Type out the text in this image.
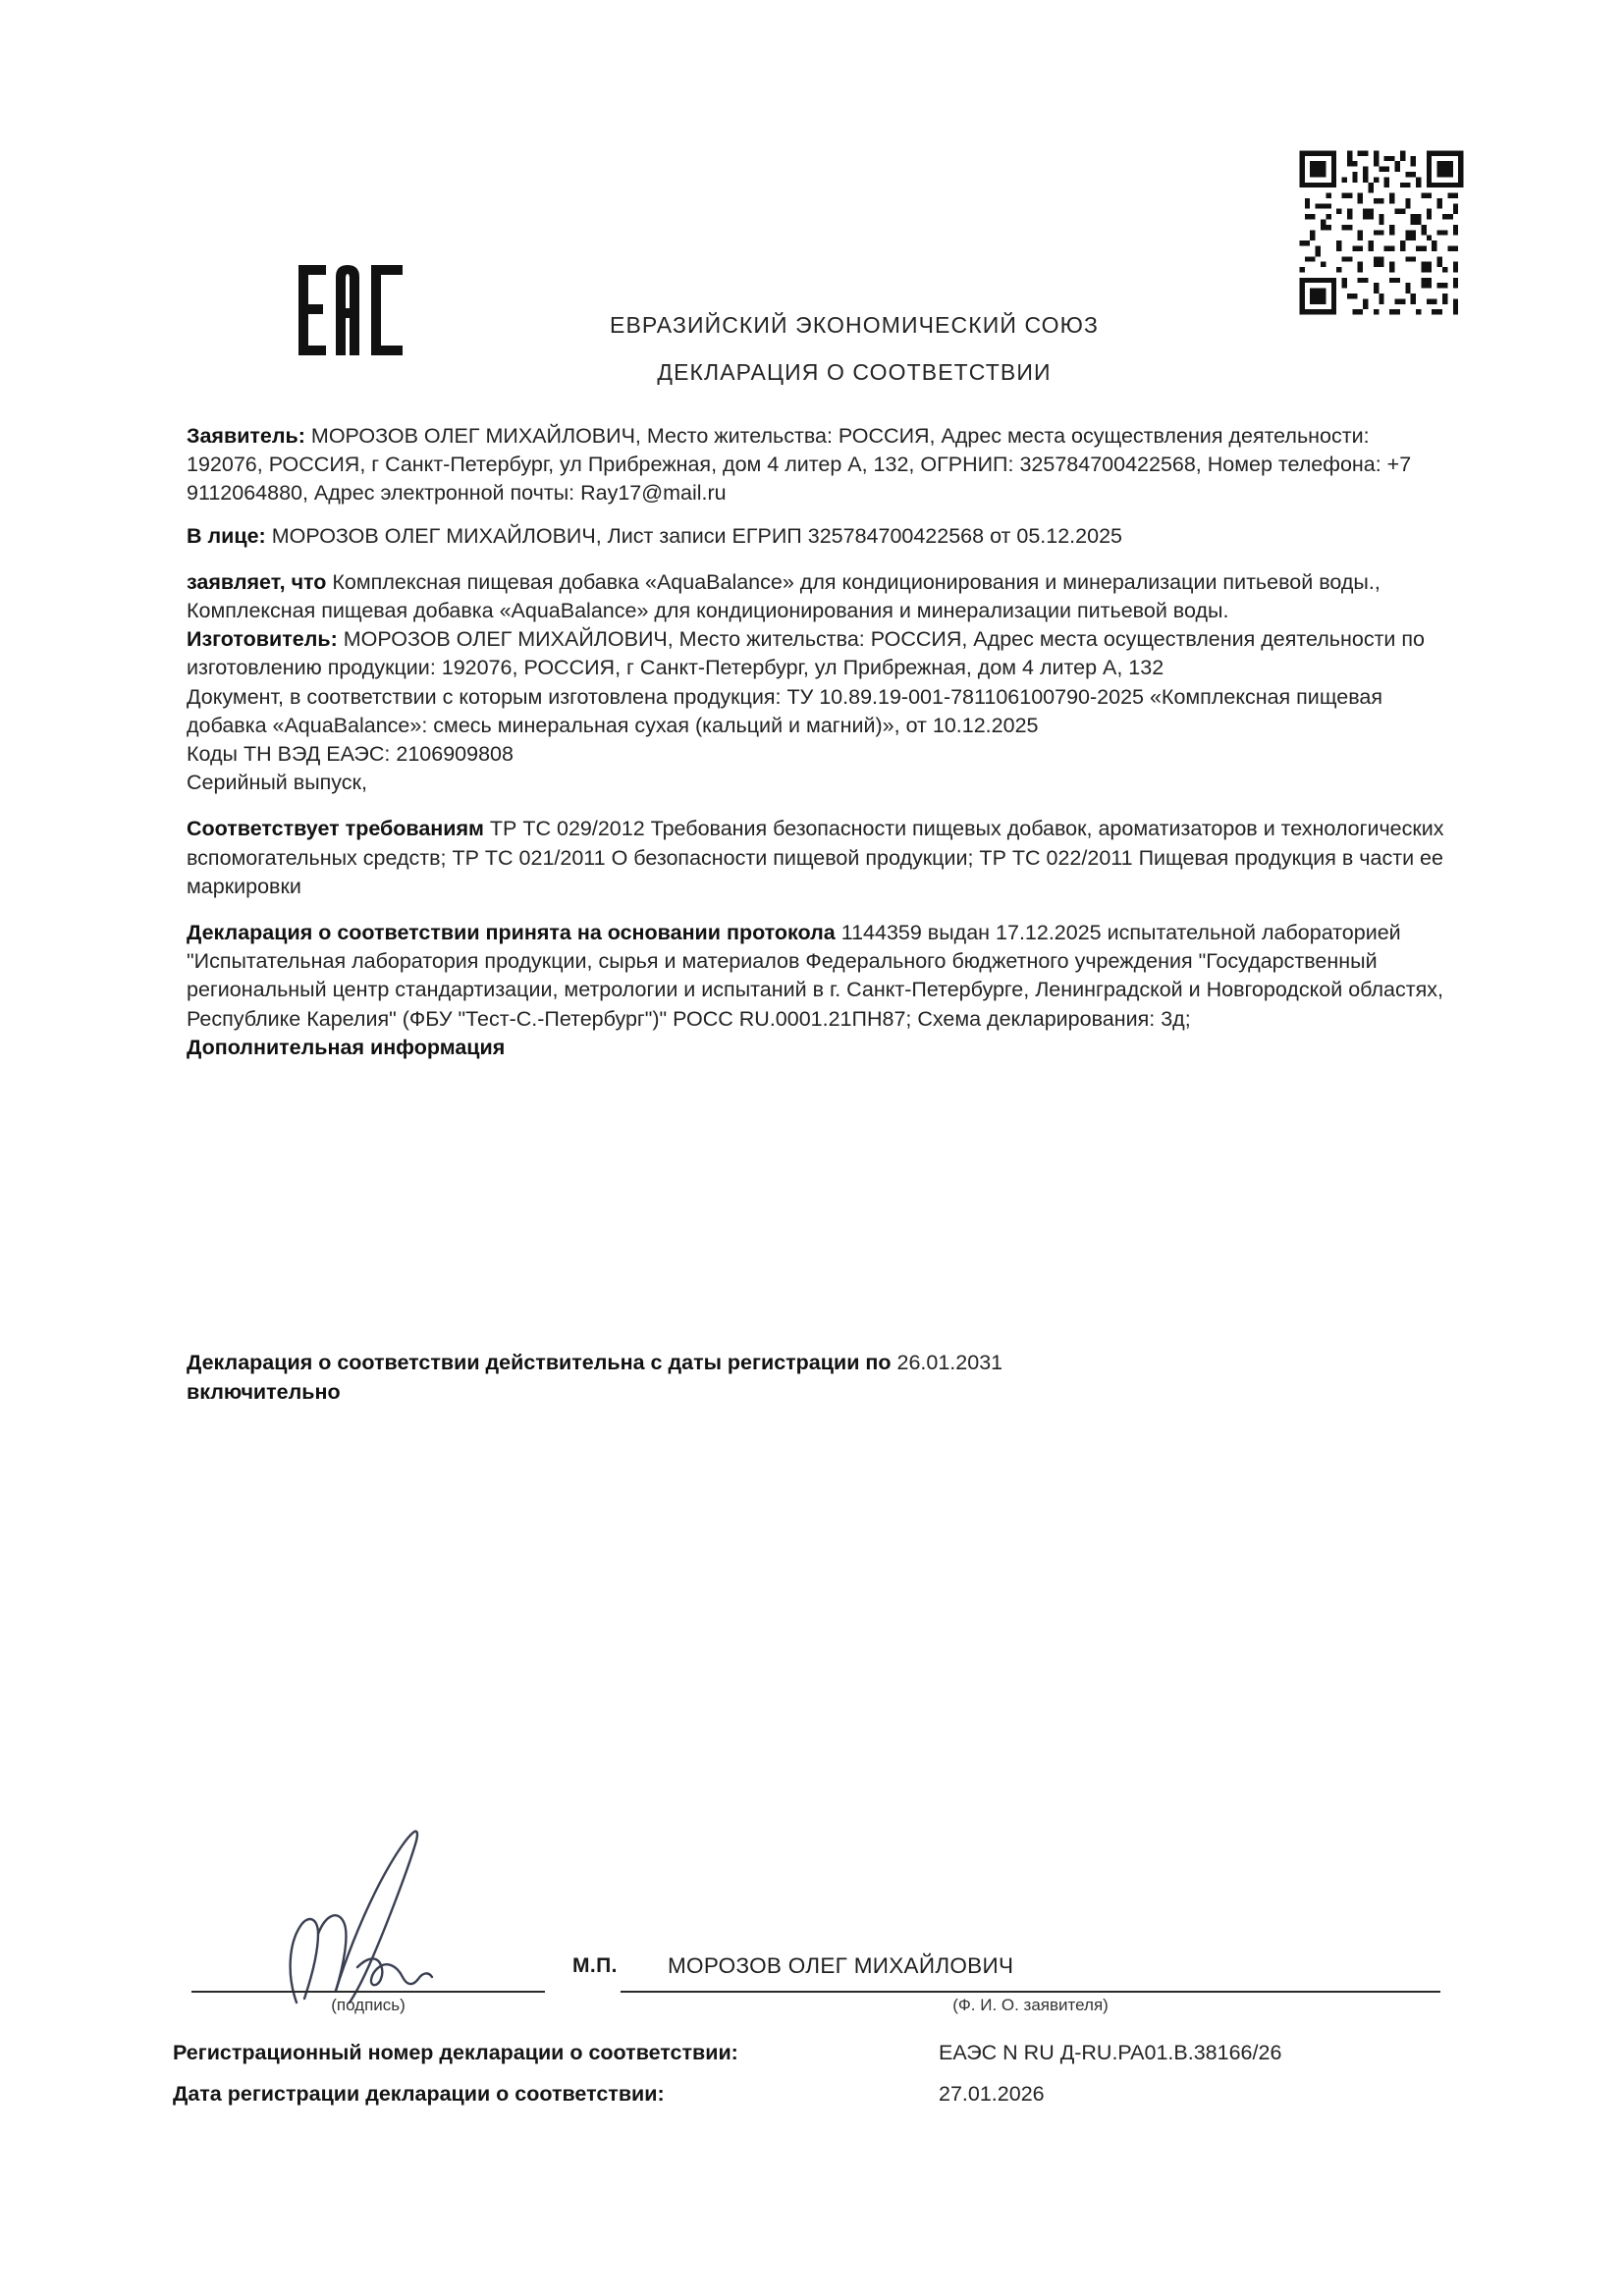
ЕВРАЗИЙСКИЙ ЭКОНОМИЧЕСКИЙ СОЮЗ
ДЕКЛАРАЦИЯ О СООТВЕТСТВИИ

Заявитель: МОРОЗОВ ОЛЕГ МИХАЙЛОВИЧ, Место жительства: РОССИЯ, Адрес места осуществления деятельности: 192076, РОССИЯ, г Санкт-Петербург, ул Прибрежная, дом 4 литер А, 132, ОГРНИП: 325784700422568, Номер телефона: +7 9112064880, Адрес электронной почты: Ray17@mail.ru

В лице: МОРОЗОВ ОЛЕГ МИХАЙЛОВИЧ, Лист записи ЕГРИП 325784700422568 от 05.12.2025

заявляет, что Комплексная пищевая добавка «AquaBalance» для кондиционирования и минерализации питьевой воды., Комплексная пищевая добавка «AquaBalance» для кондиционирования и минерализации питьевой воды.

Изготовитель: МОРОЗОВ ОЛЕГ МИХАЙЛОВИЧ, Место жительства: РОССИЯ, Адрес места осуществления деятельности по изготовлению продукции: 192076, РОССИЯ, г Санкт-Петербург, ул Прибрежная, дом 4 литер А, 132

Документ, в соответствии с которым изготовлена продукция: ТУ 10.89.19-001-781106100790-2025 «Комплексная пищевая добавка «AquaBalance»: смесь минеральная сухая (кальций и магний)», от 10.12.2025

Коды ТН ВЭД ЕАЭС: 2106909808

Серийный выпуск,

Соответствует требованиям ТР ТС 029/2012 Требования безопасности пищевых добавок, ароматизаторов и технологических вспомогательных средств; ТР ТС 021/2011 О безопасности пищевой продукции; ТР ТС 022/2011 Пищевая продукция в части ее маркировки

Декларация о соответствии принята на основании протокола 1144359 выдан 17.12.2025 испытательной лабораторией "Испытательная лаборатория продукции, сырья и материалов Федерального бюджетного учреждения "Государственный региональный центр стандартизации, метрологии и испытаний в г. Санкт-Петербурге, Ленинградской и Новгородской областях, Республике Карелия" (ФБУ "Тест-С.-Петербург")" РОСС RU.0001.21ПН87; Схема декларирования: 3д;

Дополнительная информация

Декларация о соответствии действительна с даты регистрации по 26.01.2031
включительно
(подпись)
М.П. МОРОЗОВ ОЛЕГ МИХАЙЛОВИЧ
(Ф. И. О. заявителя)
Регистрационный номер декларации о соответствии:	ЕАЭС N RU Д-RU.PA01.В.38166/26
Дата регистрации декларации о соответствии:	27.01.2026
